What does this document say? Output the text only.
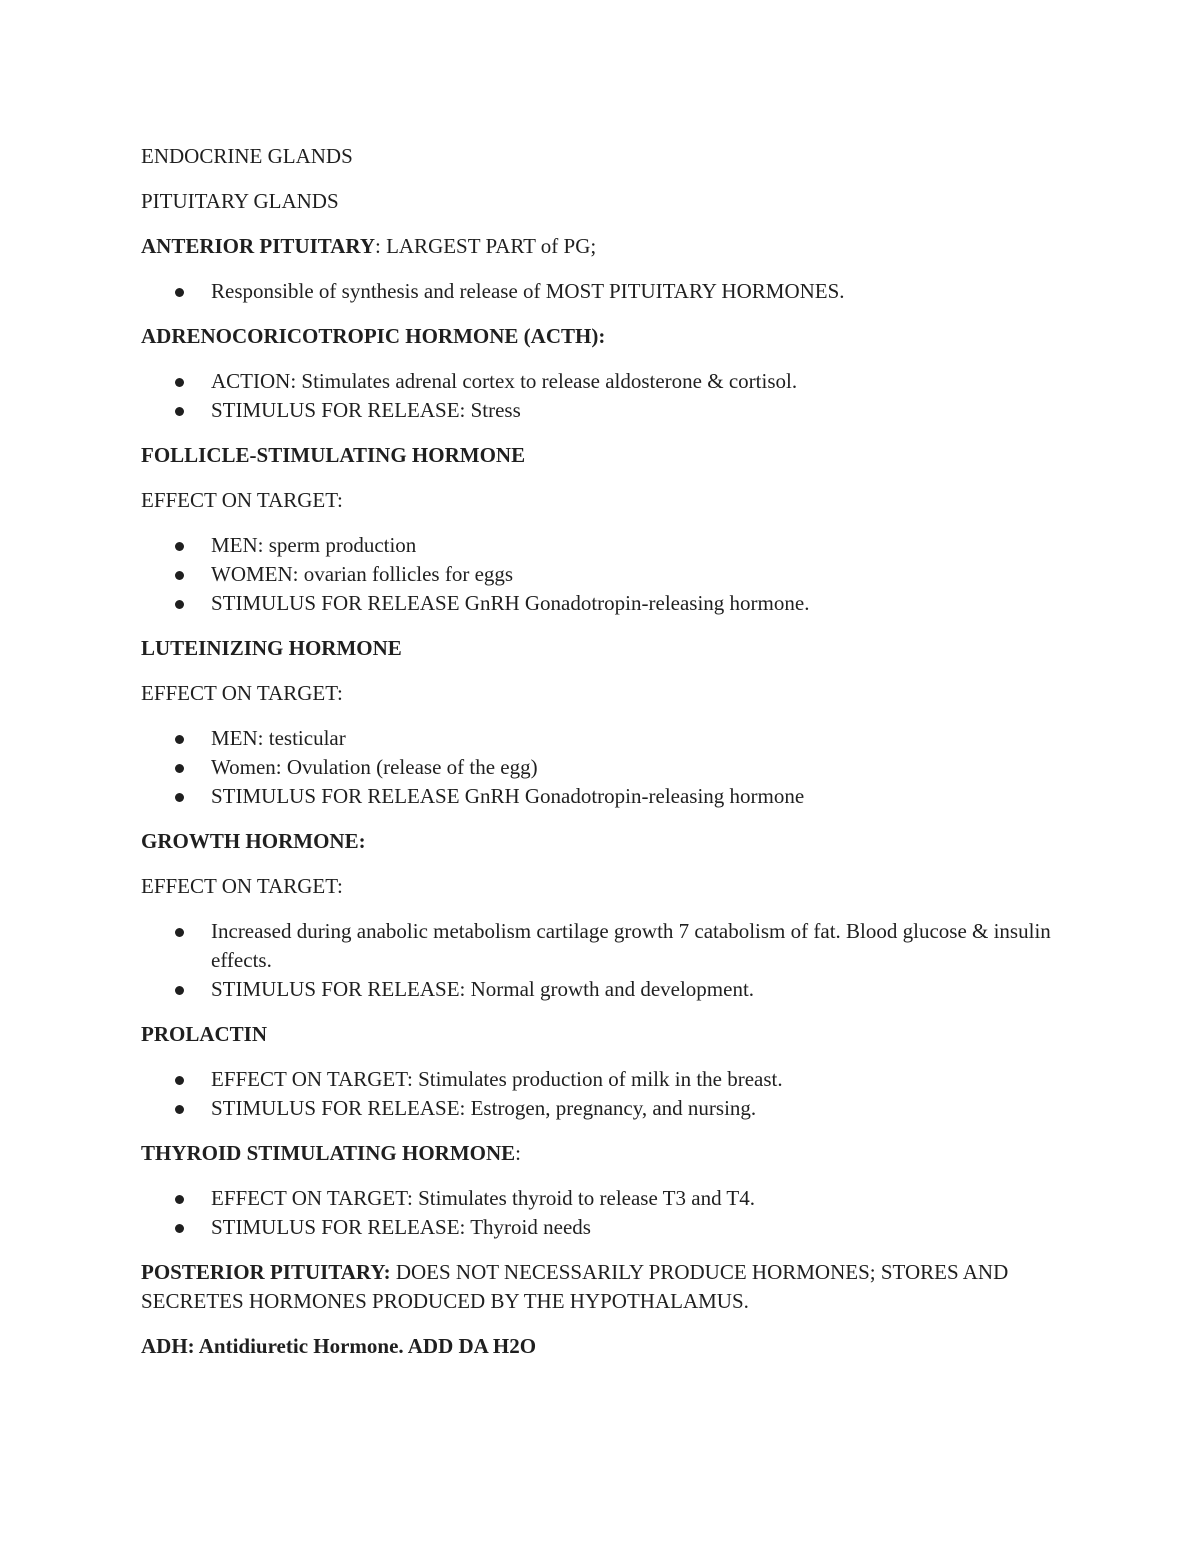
ENDOCRINE GLANDS

PITUITARY GLANDS

ANTERIOR PITUITARY: LARGEST PART of PG;

Responsible of synthesis and release of MOST PITUITARY HORMONES.

ADRENOCORICOTROPIC HORMONE (ACTH):

ACTION: Stimulates adrenal cortex to release aldosterone & cortisol.
STIMULUS FOR RELEASE: Stress

FOLLICLE-STIMULATING HORMONE

EFFECT ON TARGET:

MEN: sperm production
WOMEN: ovarian follicles for eggs
STIMULUS FOR RELEASE GnRH Gonadotropin-releasing hormone.

LUTEINIZING HORMONE

EFFECT ON TARGET:

MEN: testicular
Women: Ovulation (release of the egg)
STIMULUS FOR RELEASE GnRH Gonadotropin-releasing hormone

GROWTH HORMONE:

EFFECT ON TARGET:

Increased during anabolic metabolism cartilage growth 7 catabolism of fat. Blood glucose & insulin effects.
STIMULUS FOR RELEASE: Normal growth and development.

PROLACTIN

EFFECT ON TARGET: Stimulates production of milk in the breast.
STIMULUS FOR RELEASE: Estrogen, pregnancy, and nursing.

THYROID STIMULATING HORMONE:

EFFECT ON TARGET: Stimulates thyroid to release T3 and T4.
STIMULUS FOR RELEASE: Thyroid needs

POSTERIOR PITUITARY: DOES NOT NECESSARILY PRODUCE HORMONES; STORES AND SECRETES HORMONES PRODUCED BY THE HYPOTHALAMUS.

ADH: Antidiuretic Hormone. ADD DA H2O
